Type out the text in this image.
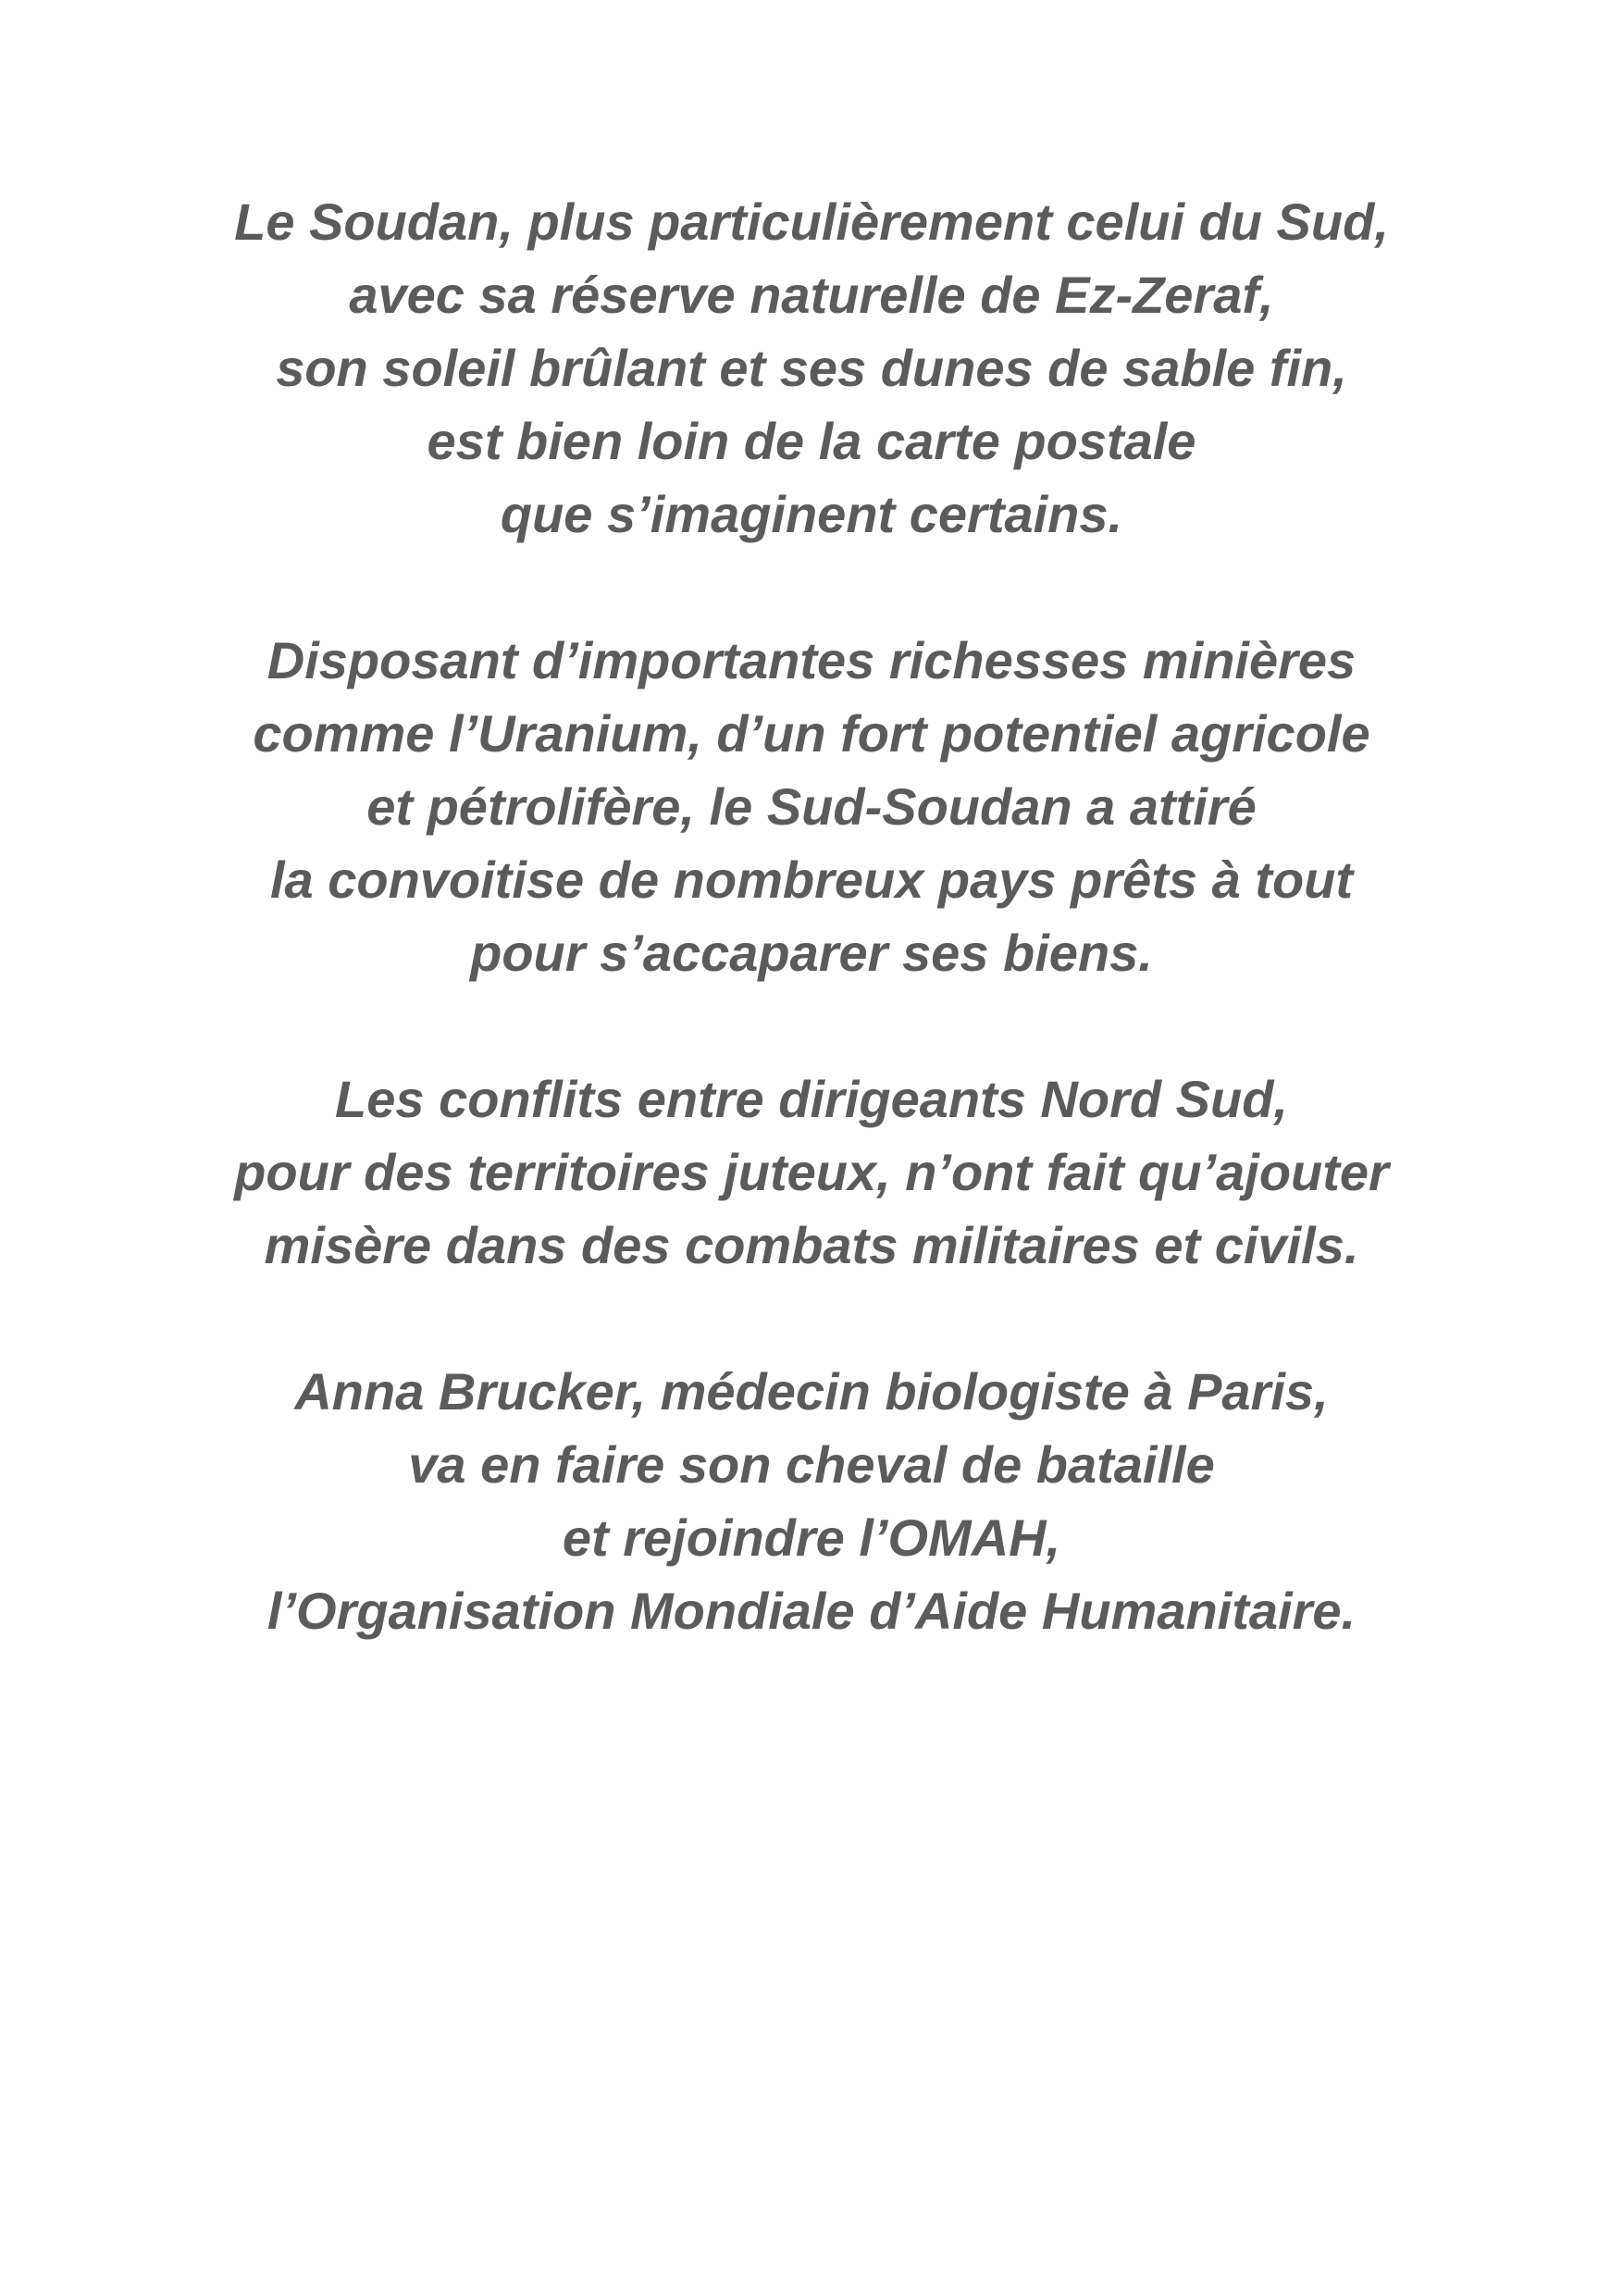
Le Soudan, plus particulièrement celui du Sud,
avec sa réserve naturelle de Ez-Zeraf,
son soleil brûlant et ses dunes de sable fin,
est bien loin de la carte postale
que s’imaginent certains.

Disposant d’importantes richesses minières
comme l’Uranium, d’un fort potentiel agricole
et pétrolifère, le Sud-Soudan a attiré
la convoitise de nombreux pays prêts à tout
pour s’accaparer ses biens.

Les conflits entre dirigeants Nord Sud,
pour des territoires juteux, n’ont fait qu’ajouter
misère dans des combats militaires et civils.

Anna Brucker, médecin biologiste à Paris,
va en faire son cheval de bataille
et rejoindre l’OMAH,
l’Organisation Mondiale d’Aide Humanitaire.
